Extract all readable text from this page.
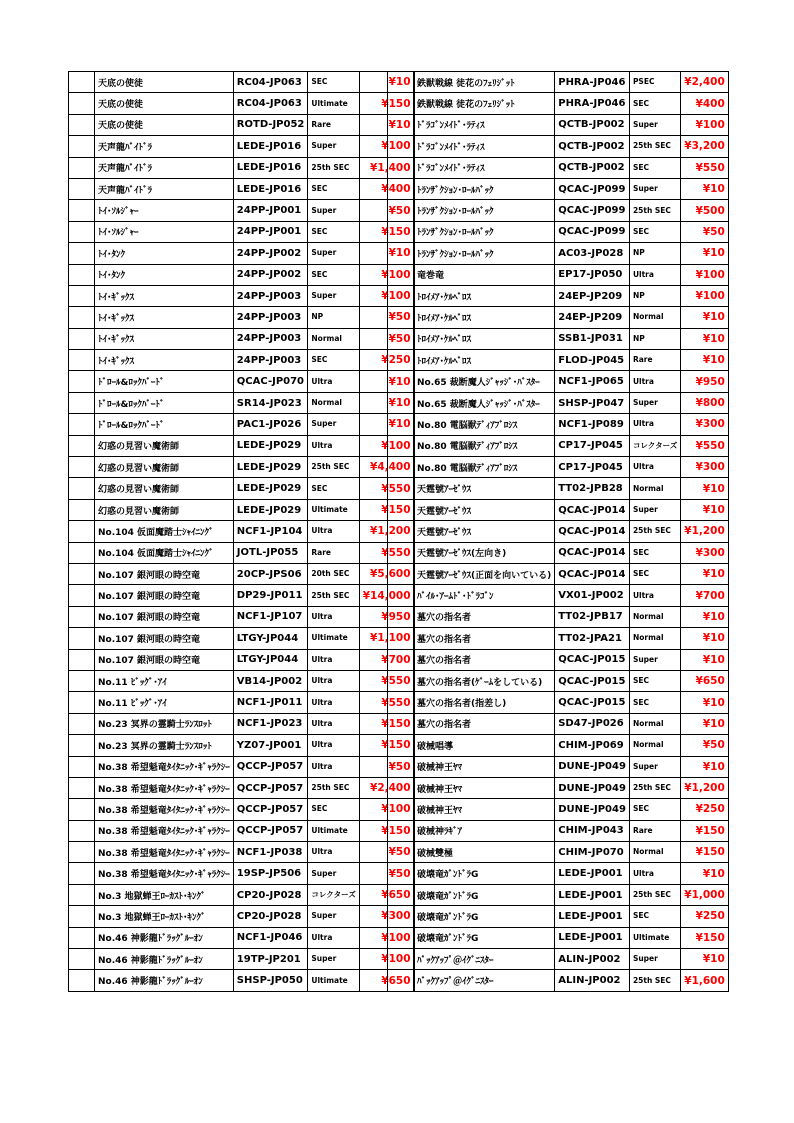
	天底の使徒	RC04-JP063	SEC	¥10
	天底の使徒	RC04-JP063	Ultimate	¥150
	天底の使徒	ROTD-JP052	Rare	¥10
	天声龍ﾊﾞｲﾄﾞﾗ	LEDE-JP016	Super	¥100
	天声龍ﾊﾞｲﾄﾞﾗ	LEDE-JP016	25th SEC	¥1,400
	天声龍ﾊﾞｲﾄﾞﾗ	LEDE-JP016	SEC	¥400
	ﾄｲ･ｿﾙｼﾞｬｰ	24PP-JP001	Super	¥50
	ﾄｲ･ｿﾙｼﾞｬｰ	24PP-JP001	SEC	¥150
	ﾄｲ･ﾀﾝｸ	24PP-JP002	Super	¥10
	ﾄｲ･ﾀﾝｸ	24PP-JP002	SEC	¥100
	ﾄｲ･ｷﾞｯｸｽ	24PP-JP003	Super	¥100
	ﾄｲ･ｷﾞｯｸｽ	24PP-JP003	NP	¥50
	ﾄｲ･ｷﾞｯｸｽ	24PP-JP003	Normal	¥50
	ﾄｲ･ｷﾞｯｸｽ	24PP-JP003	SEC	¥250
	ﾄﾞﾛｰﾙ&ﾛｯｸﾊﾞｰﾄﾞ	QCAC-JP070	Ultra	¥10
	ﾄﾞﾛｰﾙ&ﾛｯｸﾊﾞｰﾄﾞ	SR14-JP023	Normal	¥10
	ﾄﾞﾛｰﾙ&ﾛｯｸﾊﾞｰﾄﾞ	PAC1-JP026	Super	¥10
	幻惑の見習い魔術師	LEDE-JP029	Ultra	¥100
	幻惑の見習い魔術師	LEDE-JP029	25th SEC	¥4,400
	幻惑の見習い魔術師	LEDE-JP029	SEC	¥550
	幻惑の見習い魔術師	LEDE-JP029	Ultimate	¥150
	No.104 仮面魔踏士ｼｬｲﾆﾝｸﾞ	NCF1-JP104	Ultra	¥1,200
	No.104 仮面魔踏士ｼｬｲﾆﾝｸﾞ	JOTL-JP055	Rare	¥550
	No.107 銀河眼の時空竜	20CP-JPS06	20th SEC	¥5,600
	No.107 銀河眼の時空竜	DP29-JP011	25th SEC	¥14,000
	No.107 銀河眼の時空竜	NCF1-JP107	Ultra	¥950
	No.107 銀河眼の時空竜	LTGY-JP044	Ultimate	¥1,100
	No.107 銀河眼の時空竜	LTGY-JP044	Ultra	¥700
	No.11 ﾋﾞｯｸﾞ･ｱｲ	VB14-JP002	Ultra	¥550
	No.11 ﾋﾞｯｸﾞ･ｱｲ	NCF1-JP011	Ultra	¥550
	No.23 冥界の霊騎士ﾗﾝｽﾛｯﾄ	NCF1-JP023	Ultra	¥150
	No.23 冥界の霊騎士ﾗﾝｽﾛｯﾄ	YZ07-JP001	Ultra	¥150
	No.38 希望魁竜ﾀｲﾀﾆｯｸ･ｷﾞｬﾗｸｼｰ	QCCP-JP057	Ultra	¥50
	No.38 希望魁竜ﾀｲﾀﾆｯｸ･ｷﾞｬﾗｸｼｰ	QCCP-JP057	25th SEC	¥2,400
	No.38 希望魁竜ﾀｲﾀﾆｯｸ･ｷﾞｬﾗｸｼｰ	QCCP-JP057	SEC	¥100
	No.38 希望魁竜ﾀｲﾀﾆｯｸ･ｷﾞｬﾗｸｼｰ	QCCP-JP057	Ultimate	¥150
	No.38 希望魁竜ﾀｲﾀﾆｯｸ･ｷﾞｬﾗｸｼｰ	NCF1-JP038	Ultra	¥50
	No.38 希望魁竜ﾀｲﾀﾆｯｸ･ｷﾞｬﾗｸｼｰ	19SP-JP506	Super	¥50
	No.3 地獄蝉王ﾛｰｶｽﾄ･ｷﾝｸﾞ	CP20-JP028	コレクターズ	¥650
	No.3 地獄蝉王ﾛｰｶｽﾄ･ｷﾝｸﾞ	CP20-JP028	Super	¥300
	No.46 神影龍ﾄﾞﾗｯｸﾞﾙｰｵﾝ	NCF1-JP046	Ultra	¥100
	No.46 神影龍ﾄﾞﾗｯｸﾞﾙｰｵﾝ	19TP-JP201	Super	¥100
	No.46 神影龍ﾄﾞﾗｯｸﾞﾙｰｵﾝ	SHSP-JP050	Ultimate	¥650
	鉄獣戦線 徒花のﾌｪﾘｼﾞｯﾄ	PHRA-JP046	PSEC	¥2,400
	鉄獣戦線 徒花のﾌｪﾘｼﾞｯﾄ	PHRA-JP046	SEC	¥400
	ﾄﾞﾗｺﾞﾝﾒｲﾄﾞ･ﾗﾃｨｽ	QCTB-JP002	Super	¥100
	ﾄﾞﾗｺﾞﾝﾒｲﾄﾞ･ﾗﾃｨｽ	QCTB-JP002	25th SEC	¥3,200
	ﾄﾞﾗｺﾞﾝﾒｲﾄﾞ･ﾗﾃｨｽ	QCTB-JP002	SEC	¥550
	ﾄﾗﾝｻﾞｸｼｮﾝ･ﾛｰﾙﾊﾞｯｸ	QCAC-JP099	Super	¥10
	ﾄﾗﾝｻﾞｸｼｮﾝ･ﾛｰﾙﾊﾞｯｸ	QCAC-JP099	25th SEC	¥500
	ﾄﾗﾝｻﾞｸｼｮﾝ･ﾛｰﾙﾊﾞｯｸ	QCAC-JP099	SEC	¥50
	ﾄﾗﾝｻﾞｸｼｮﾝ･ﾛｰﾙﾊﾞｯｸ	AC03-JP028	NP	¥10
	竜巻竜	EP17-JP050	Ultra	¥100
	ﾄﾛｲﾒｱ･ｹﾙﾍﾞﾛｽ	24EP-JP209	NP	¥100
	ﾄﾛｲﾒｱ･ｹﾙﾍﾞﾛｽ	24EP-JP209	Normal	¥10
	ﾄﾛｲﾒｱ･ｹﾙﾍﾞﾛｽ	SSB1-JP031	NP	¥10
	ﾄﾛｲﾒｱ･ｹﾙﾍﾞﾛｽ	FLOD-JP045	Rare	¥10
	No.65 裁断魔人ｼﾞｬｯｼﾞ･ﾊﾞｽﾀｰ	NCF1-JP065	Ultra	¥950
	No.65 裁断魔人ｼﾞｬｯｼﾞ･ﾊﾞｽﾀｰ	SHSP-JP047	Super	¥800
	No.80 電脳獣ﾃﾞｨｱﾌﾞﾛｼｽ	NCF1-JP089	Ultra	¥300
	No.80 電脳獣ﾃﾞｨｱﾌﾞﾛｼｽ	CP17-JP045	コレクターズ	¥550
	No.80 電脳獣ﾃﾞｨｱﾌﾞﾛｼｽ	CP17-JP045	Ultra	¥300
	天霆號ｱｰｾﾞｳｽ	TT02-JPB28	Normal	¥10
	天霆號ｱｰｾﾞｳｽ	QCAC-JP014	Super	¥10
	天霆號ｱｰｾﾞｳｽ	QCAC-JP014	25th SEC	¥1,200
	天霆號ｱｰｾﾞｳｽ(左向き)	QCAC-JP014	SEC	¥300
	天霆號ｱｰｾﾞｳｽ(正面を向いている)	QCAC-JP014	SEC	¥10
	ﾊﾞｲﾙ･ｱｰﾑﾄﾞ･ﾄﾞﾗｺﾞﾝ	VX01-JP002	Ultra	¥700
	墓穴の指名者	TT02-JPB17	Normal	¥10
	墓穴の指名者	TT02-JPA21	Normal	¥10
	墓穴の指名者	QCAC-JP015	Super	¥10
	墓穴の指名者(ｹﾞｰﾑをしている)	QCAC-JP015	SEC	¥650
	墓穴の指名者(指差し)	QCAC-JP015	SEC	¥10
	墓穴の指名者	SD47-JP026	Normal	¥10
	破械唱導	CHIM-JP069	Normal	¥50
	破械神王ﾔﾏ	DUNE-JP049	Super	¥10
	破械神王ﾔﾏ	DUNE-JP049	25th SEC	¥1,200
	破械神王ﾔﾏ	DUNE-JP049	SEC	¥250
	破械神ﾗｷﾞｱ	CHIM-JP043	Rare	¥150
	破械雙極	CHIM-JP070	Normal	¥150
	破壊竜ｶﾞﾝﾄﾞﾗG	LEDE-JP001	Ultra	¥10
	破壊竜ｶﾞﾝﾄﾞﾗG	LEDE-JP001	25th SEC	¥1,000
	破壊竜ｶﾞﾝﾄﾞﾗG	LEDE-JP001	SEC	¥250
	破壊竜ｶﾞﾝﾄﾞﾗG	LEDE-JP001	Ultimate	¥150
	ﾊﾞｯｸｱｯﾌﾟ＠ｲｸﾞﾆｽﾀｰ	ALIN-JP002	Super	¥10
	ﾊﾞｯｸｱｯﾌﾟ＠ｲｸﾞﾆｽﾀｰ	ALIN-JP002	25th SEC	¥1,600
